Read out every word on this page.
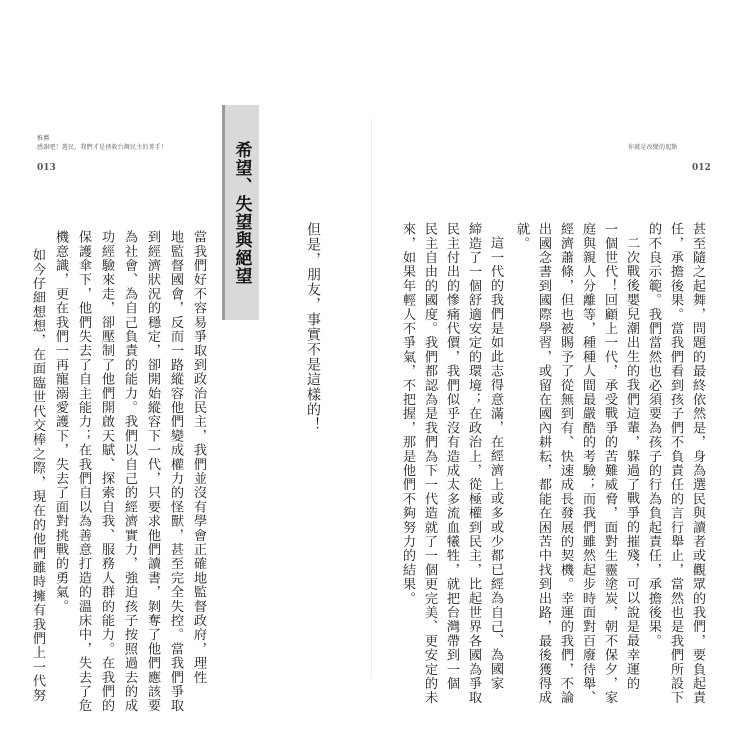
推薦
感謝吧！選民，我們才是拯救台灣民主的菁手！
013	希望、失望與絕望
但是，朋友，事實不是這樣的！
當我們好不容易爭取到政治民主，我們並沒有學會正確地監督政府，理性
地監督國會，反而一路縱容他們變成權力的怪獸，甚至完全失控。當我們爭取
到經濟狀況的穩定，卻開始縱容下一代，只要求他們讀書，剝奪了他們應該要
為社會、為自己負責的能力。我們以自己的經濟實力，強迫孩子按照過去的成
功經驗來走，卻壓制了他們開啟天賦、探索自我、服務人群的能力。在我們的
保護傘下，他們失去了自主能力；在我們自以為善意打造的溫床中，失去了危
機意識，更在我們一再寵溺愛護下，失去了面對挑戰的勇氣。
如今仔細想想，在面臨世代交棒之際，現在的他們雖時擁有我們上一代努
你就是改變的起點
012
甚至隨之起舞，問題的最終依然是，身為選民與讀者或觀眾的我們，要負起責
任，承擔後果。當我們看到孩子們不負責任的言行舉止，當然也是我們所設下
的不良示範。我們當然也必須要為孩子的行為負起責任，承擔後果。
二次戰後嬰兒潮出生的我們這輩，躲過了戰爭的摧殘，可以說是最幸運的
一個世代！回顧上一代，承受戰爭的苦難威脅，面對生靈塗炭，朝不保夕，家
庭與親人分離等，種種人間最嚴酷的考驗；而我們雖然起步時面對百廢待舉、
經濟蕭條，但也被賜予了從無到有、快速成長發展的契機。幸運的我們，不論
出國念書到國際學習，或留在國內耕耘，都能在困苦中找到出路，最後獲得成
就。
這一代的我們是如此志得意滿，在經濟上或多或少都已經為自己、為國家
締造了一個舒適安定的環境；在政治上，從極權到民主，比起世界各國為爭取
民主付出的慘痛代價，我們似乎沒有造成太多流血犧牲，就把台灣帶到一個
民主自由的國度。我們都認為是我們為下一代造就了一個更完美、更安定的未
來，如果年輕人不爭氣，不把握，那是他們不夠努力的結果。
